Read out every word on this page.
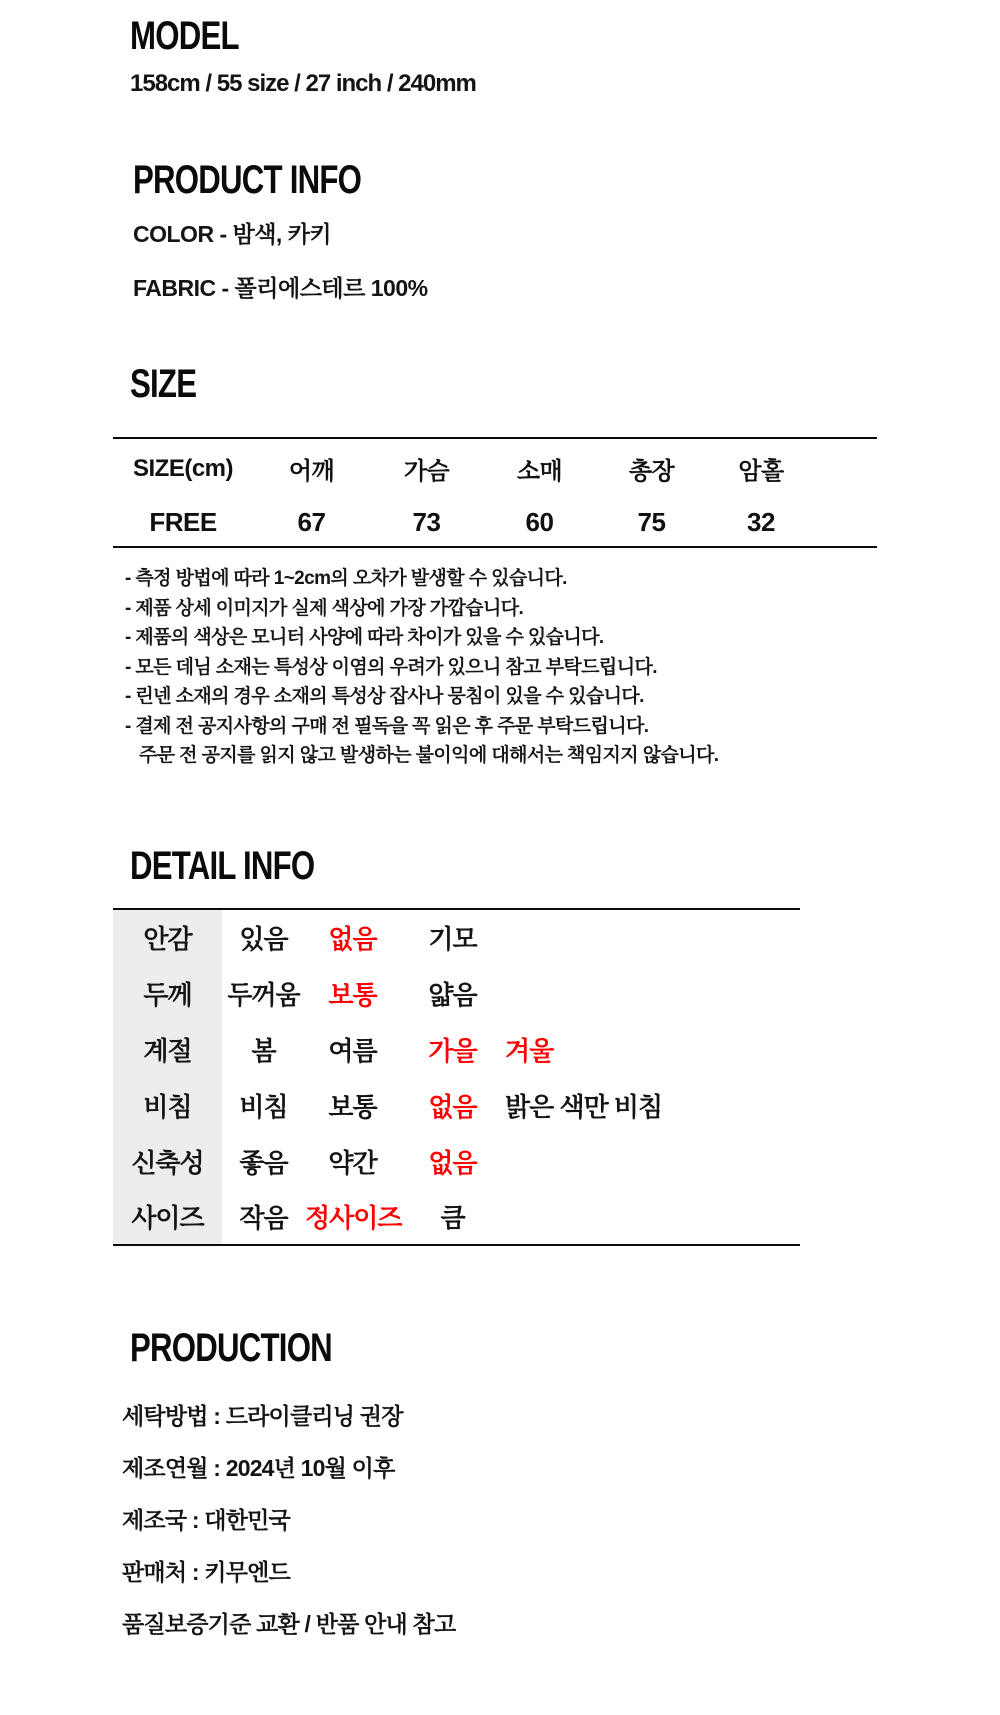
MODEL
158cm / 55 size / 27 inch / 240mm
PRODUCT INFO
COLOR - 밤색, 카키
FABRIC - 폴리에스테르 100%
SIZE
SIZE(cm)	어깨	가슴	소매	총장	암홀	
FREE	67	73	60	75	32	
- 측정 방법에 따라 1~2cm의 오차가 발생할 수 있습니다.
- 제품 상세 이미지가 실제 색상에 가장 가깝습니다.
- 제품의 색상은 모니터 사양에 따라 차이가 있을 수 있습니다.
- 모든 데님 소재는 특성상 이염의 우려가 있으니 참고 부탁드립니다.
- 린넨 소재의 경우 소재의 특성상 잡사나 뭉침이 있을 수 있습니다.
- 결제 전 공지사항의 구매 전 필독을 꼭 읽은 후 주문 부탁드립니다.
주문 전 공지를 읽지 않고 발생하는 불이익에 대해서는 책임지지 않습니다.
DETAIL INFO
안감	있음	없음	기모	
두께	두꺼움	보통	얇음	
계절	봄	여름	가을	겨울
비침	비침	보통	없음	밝은 색만 비침
신축성	좋음	약간	없음	
사이즈	작음	정사이즈	큼	
PRODUCTION
세탁방법 : 드라이클리닝 권장
제조연월 : 2024년 10월 이후
제조국 : 대한민국
판매처 : 키무엔드
품질보증기준 교환 / 반품 안내 참고
